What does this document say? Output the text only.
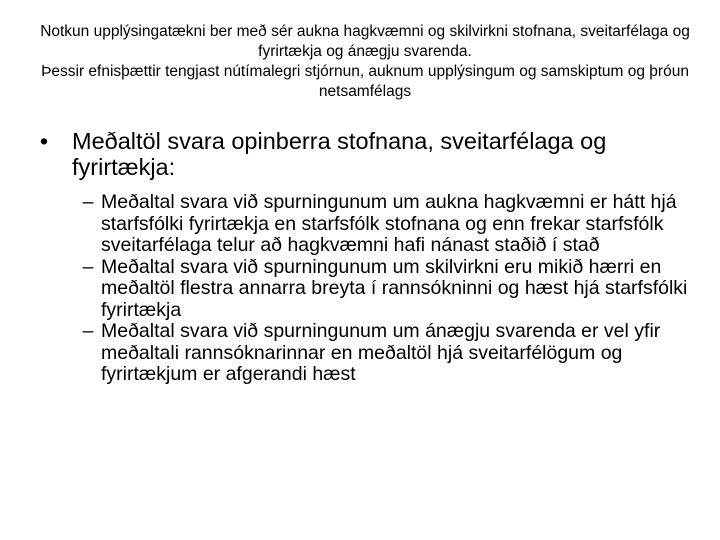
Notkun upplýsingatækni ber með sér aukna hagkvæmni og skilvirkni stofnana, sveitarfélaga og fyrirtækja og ánægju svarenda.

Þessir efnisþættir tengjast nútímalegri stjórnun, auknum upplýsingum og samskiptum og þróun netsamfélags

• Meðaltöl svara opinberra stofnana, sveitarfélaga og fyrirtækja:
– Meðaltal svara við spurningunum um aukna hagkvæmni er hátt hjá starfsfólki fyrirtækja en starfsfólk stofnana og enn frekar starfsfólk sveitarfélaga telur að hagkvæmni hafi nánast staðið í stað
– Meðaltal svara við spurningunum um skilvirkni eru mikið hærri en meðaltöl flestra annarra breyta í rannsókninni og hæst hjá starfsfólki fyrirtækja
– Meðaltal svara við spurningunum um ánægju svarenda er vel yfir meðaltali rannsóknarinnar en meðaltöl hjá sveitarfélögum og fyrirtækjum er afgerandi hæst
